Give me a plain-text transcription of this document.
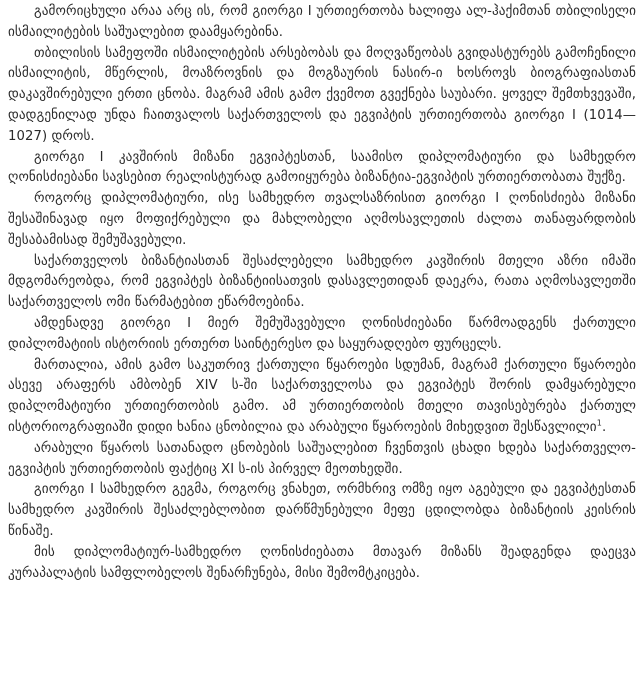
გამორიცხული არაა არც ის, რომ გიორგი I ურთიერთობა ხალიფა ალ-ჰაქიმთან თბილისელი ისმაილიტების საშუალებით დაამყარებინა.

თბილისის სამეფოში ისმაილიტების არსებობას და მოღვაწეობას გვიდასტურებს გამოჩენილი ისმაილიტის, მწერლის, მოაზროვნის და მოგზაურის ნასირ-ი ხოსროვს ბიოგრაფიასთან დაკავშირებული ერთი ცნობა. მაგრამ ამის გამო ქვემოთ გვექნება საუბარი. ყოველ შემთხვევაში, დადგენილად უნდა ჩაითვალოს საქართველოს და ეგვიპტის ურთიერთობა გიორგი I (1014—1027) დროს.

გიორგი I კავშირის მიზანი ეგვიპტესთან, საამისო დიპლომატიური და სამხედრო ღონისძიებანი სავსებით რეალისტურად გამოიყურება ბიზანტია-ეგვიპტის ურთიერთობათა შუქზე.

როგორც დიპლომატიური, ისე სამხედრო თვალსაზრისით გიორგი I ღონისძიება მიზანი შესაშინავად იყო მოფიქრებული და მახლობელი აღმოსავლეთის ძალთა თანაფარდობის შესაბამისად შემუშავებული.

საქართველოს ბიზანტიასთან შესაძლებელი სამხედრო კავშირის მთელი აზრი იმაში მდგომარეობდა, რომ ეგვიპტეს ბიზანტიისათვის დასავლეთიდან დაეკრა, რათა აღმოსავლეთში საქართველოს ომი წარმატებით ეწარმოებინა.

ამდენადვე გიორგი I მიერ შემუშავებული ღონისძიებანი წარმოადგენს ქართული დიპლომატიის ისტორიის ერთერთ საინტერესო და საყურადღებო ფურცელს.

მართალია, ამის გამო საკუთრივ ქართული წყაროები სდუმან, მაგრამ ქართული წყაროები ასევე არაფერს ამბობენ XIV ს-ში საქართველოსა და ეგვიპტეს შორის დამყარებული დიპლომატიური ურთიერთობის გამო. ამ ურთიერთობის მთელი თავისებურება ქართულ ისტორიოგრაფიაში დიდი ხანია ცნობილია და არაბული წყაროების მიხედვით შესწავლილი$^1$.

არაბული წყაროს სათანადო ცნობების საშუალებით ჩვენთვის ცხადი ხდება საქართველო-ეგვიპტის ურთიერთობის ფაქტიც XI ს-ის პირველ მეოთხედში.

გიორგი I სამხედრო გეგმა, როგორც ვნახეთ, ორმხრივ ომზე იყო აგებული და ეგვიპტესთან სამხედრო კავშირის შესაძლებლობით დარწმუნებული მეფე ცდილობდა ბიზანტიის კეისრის წინაშე.

მის დიპლომატიურ-სამხედრო ღონისძიებათა მთავარ მიზანს შეადგენდა დაეცვა კურაპალატის სამფლობელოს შენარჩუნება, მისი შემომტკიცება.
